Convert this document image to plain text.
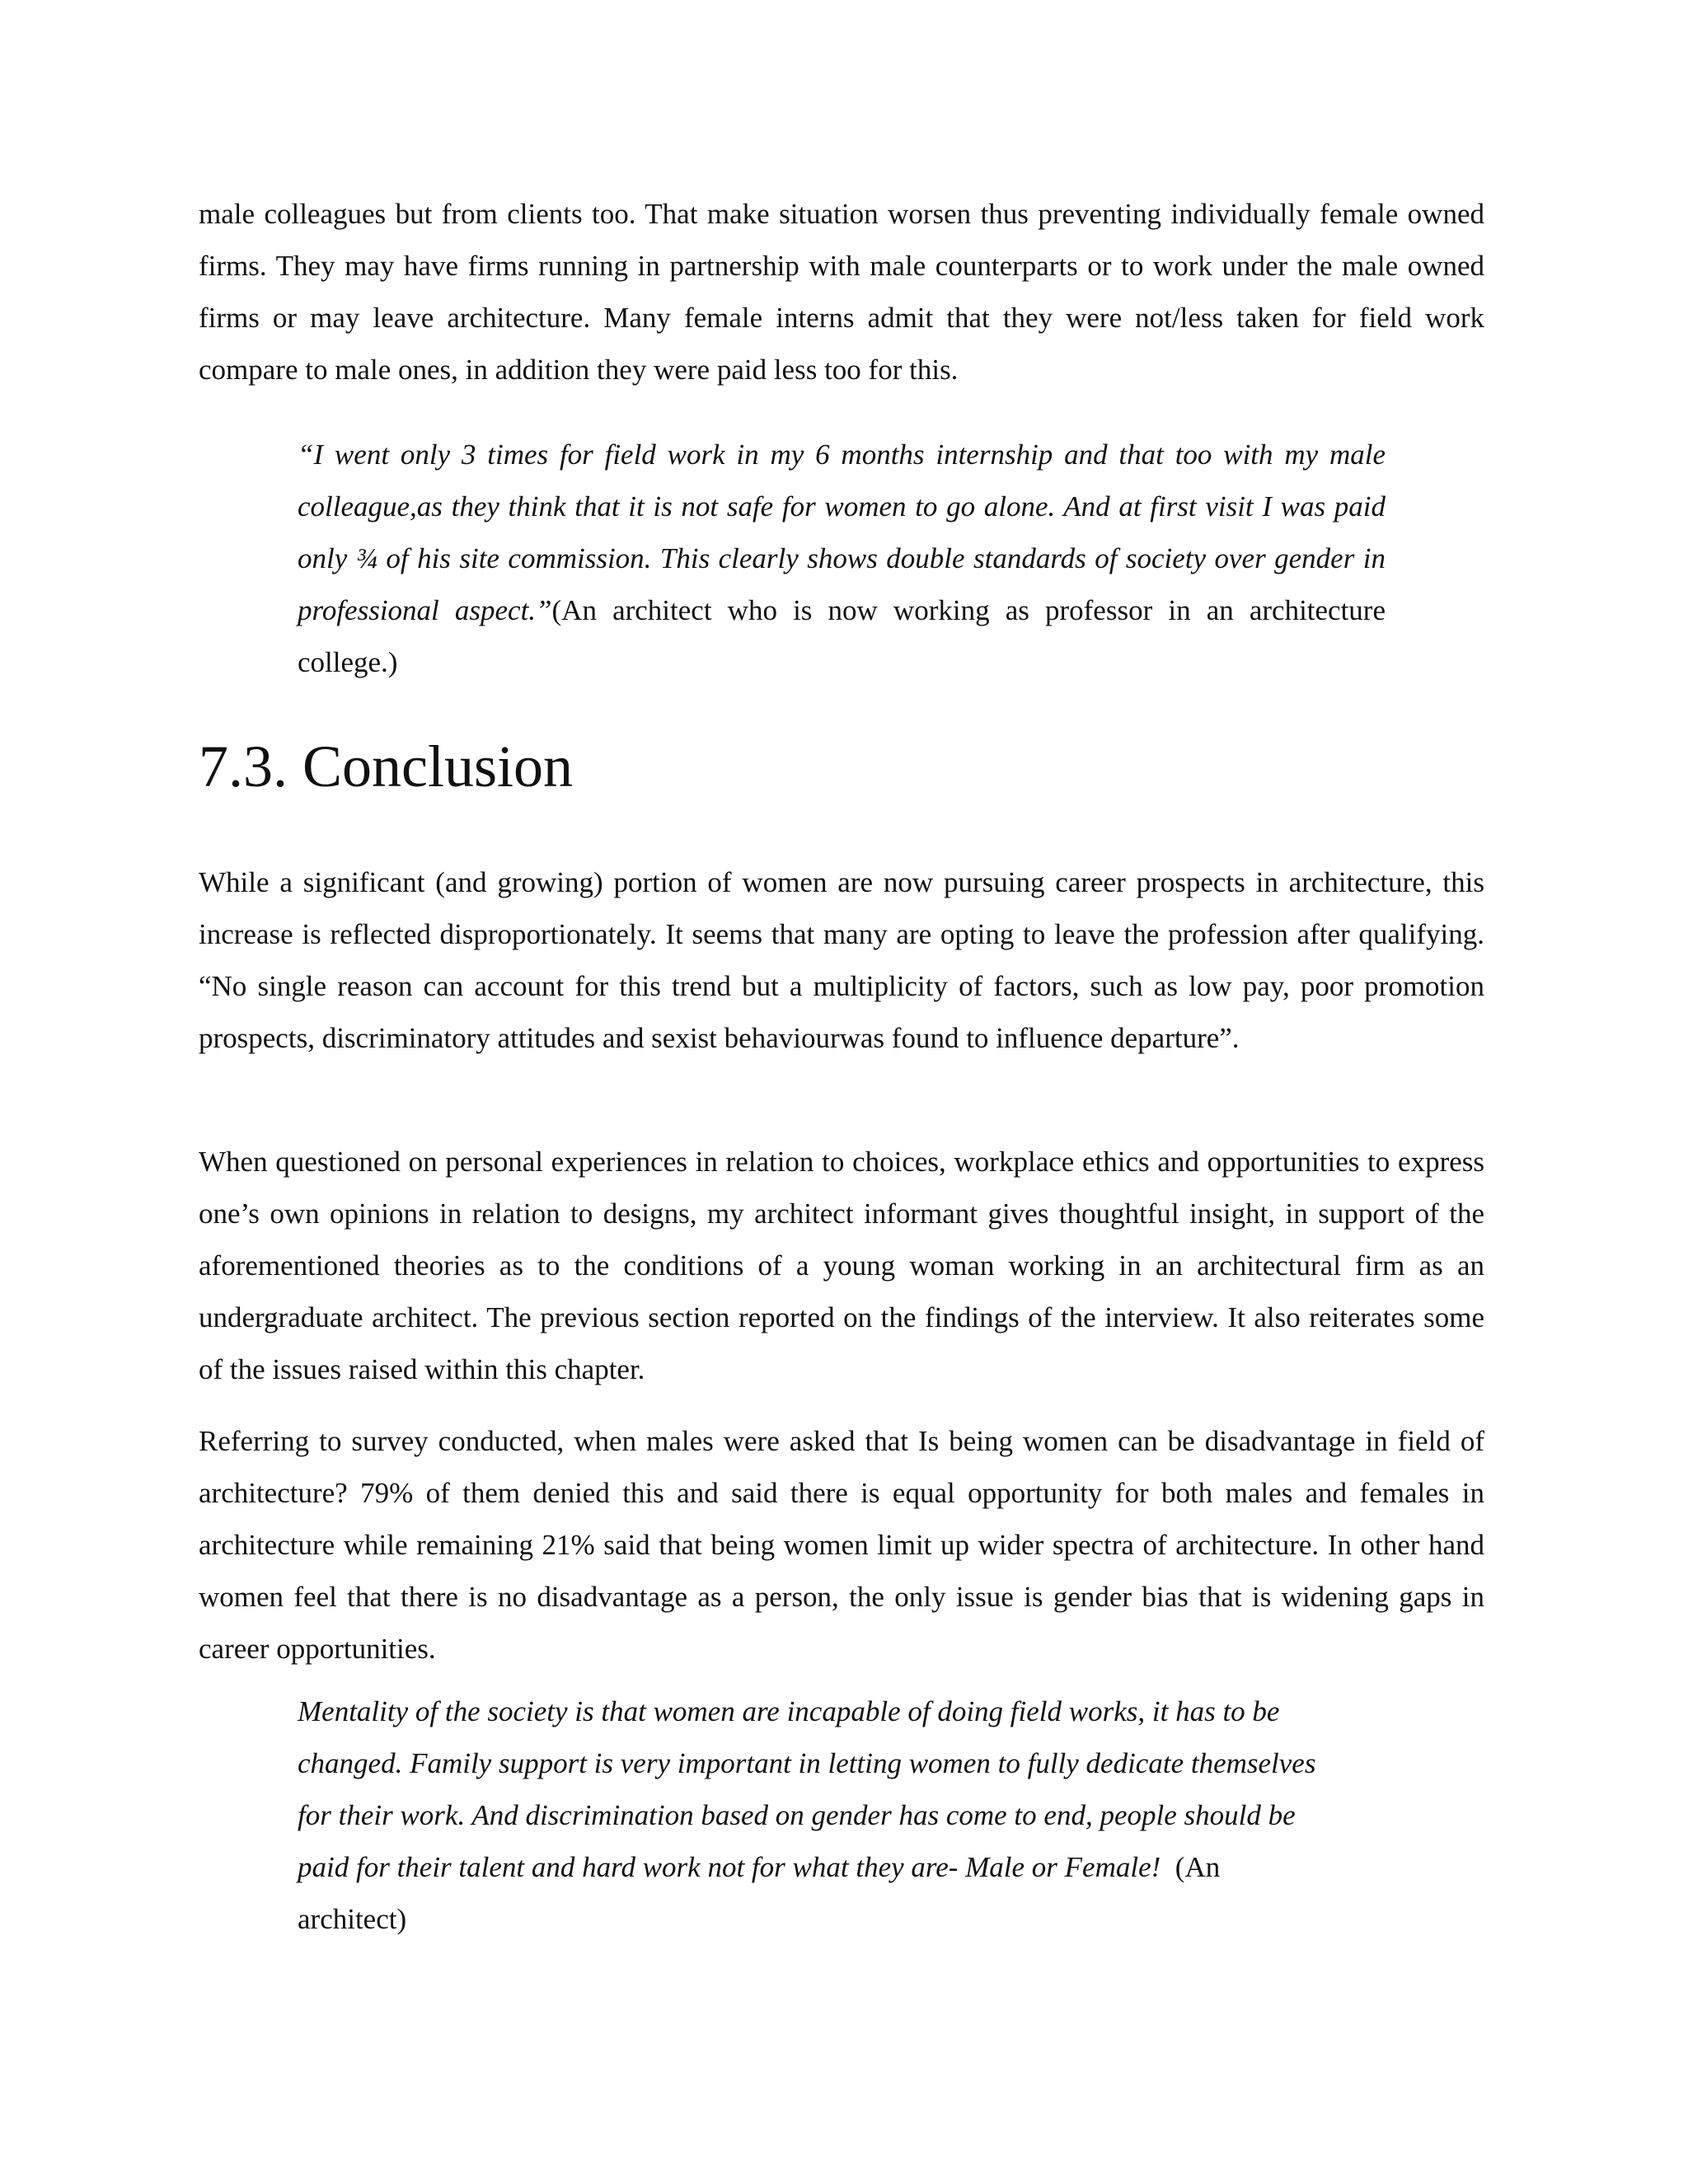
male colleagues but from clients too. That make situation worsen thus preventing individually female owned firms. They may have firms running in partnership with male counterparts or to work under the male owned firms or may leave architecture. Many female interns admit that they were not/less taken for field work compare to male ones, in addition they were paid less too for this.

“I went only 3 times for field work in my 6 months internship and that too with my male colleague,as they think that it is not safe for women to go alone. And at first visit I was paid only ¾ of his site commission. This clearly shows double standards of society over gender in professional aspect.”(An architect who is now working as professor in an architecture college.)

7.3. Conclusion

While a significant (and growing) portion of women are now pursuing career prospects in architecture, this increase is reflected disproportionately. It seems that many are opting to leave the profession after qualifying. “No single reason can account for this trend but a multiplicity of factors, such as low pay, poor promotion prospects, discriminatory attitudes and sexist behaviourwas found to influence departure”.

When questioned on personal experiences in relation to choices, workplace ethics and opportunities to express one’s own opinions in relation to designs, my architect informant gives thoughtful insight, in support of the aforementioned theories as to the conditions of a young woman working in an architectural firm as an undergraduate architect. The previous section reported on the findings of the interview. It also reiterates some of the issues raised within this chapter.

Referring to survey conducted, when males were asked that Is being women can be disadvantage in field of architecture? 79% of them denied this and said there is equal opportunity for both males and females in architecture while remaining 21% said that being women limit up wider spectra of architecture. In other hand women feel that there is no disadvantage as a person, the only issue is gender bias that is widening gaps in career opportunities.

Mentality of the society is that women are incapable of doing field works, it has to be
changed. Family support is very important in letting women to fully dedicate themselves
for their work. And discrimination based on gender has come to end, people should be
paid for their talent and hard work not for what they are- Male or Female! (An
architect)
